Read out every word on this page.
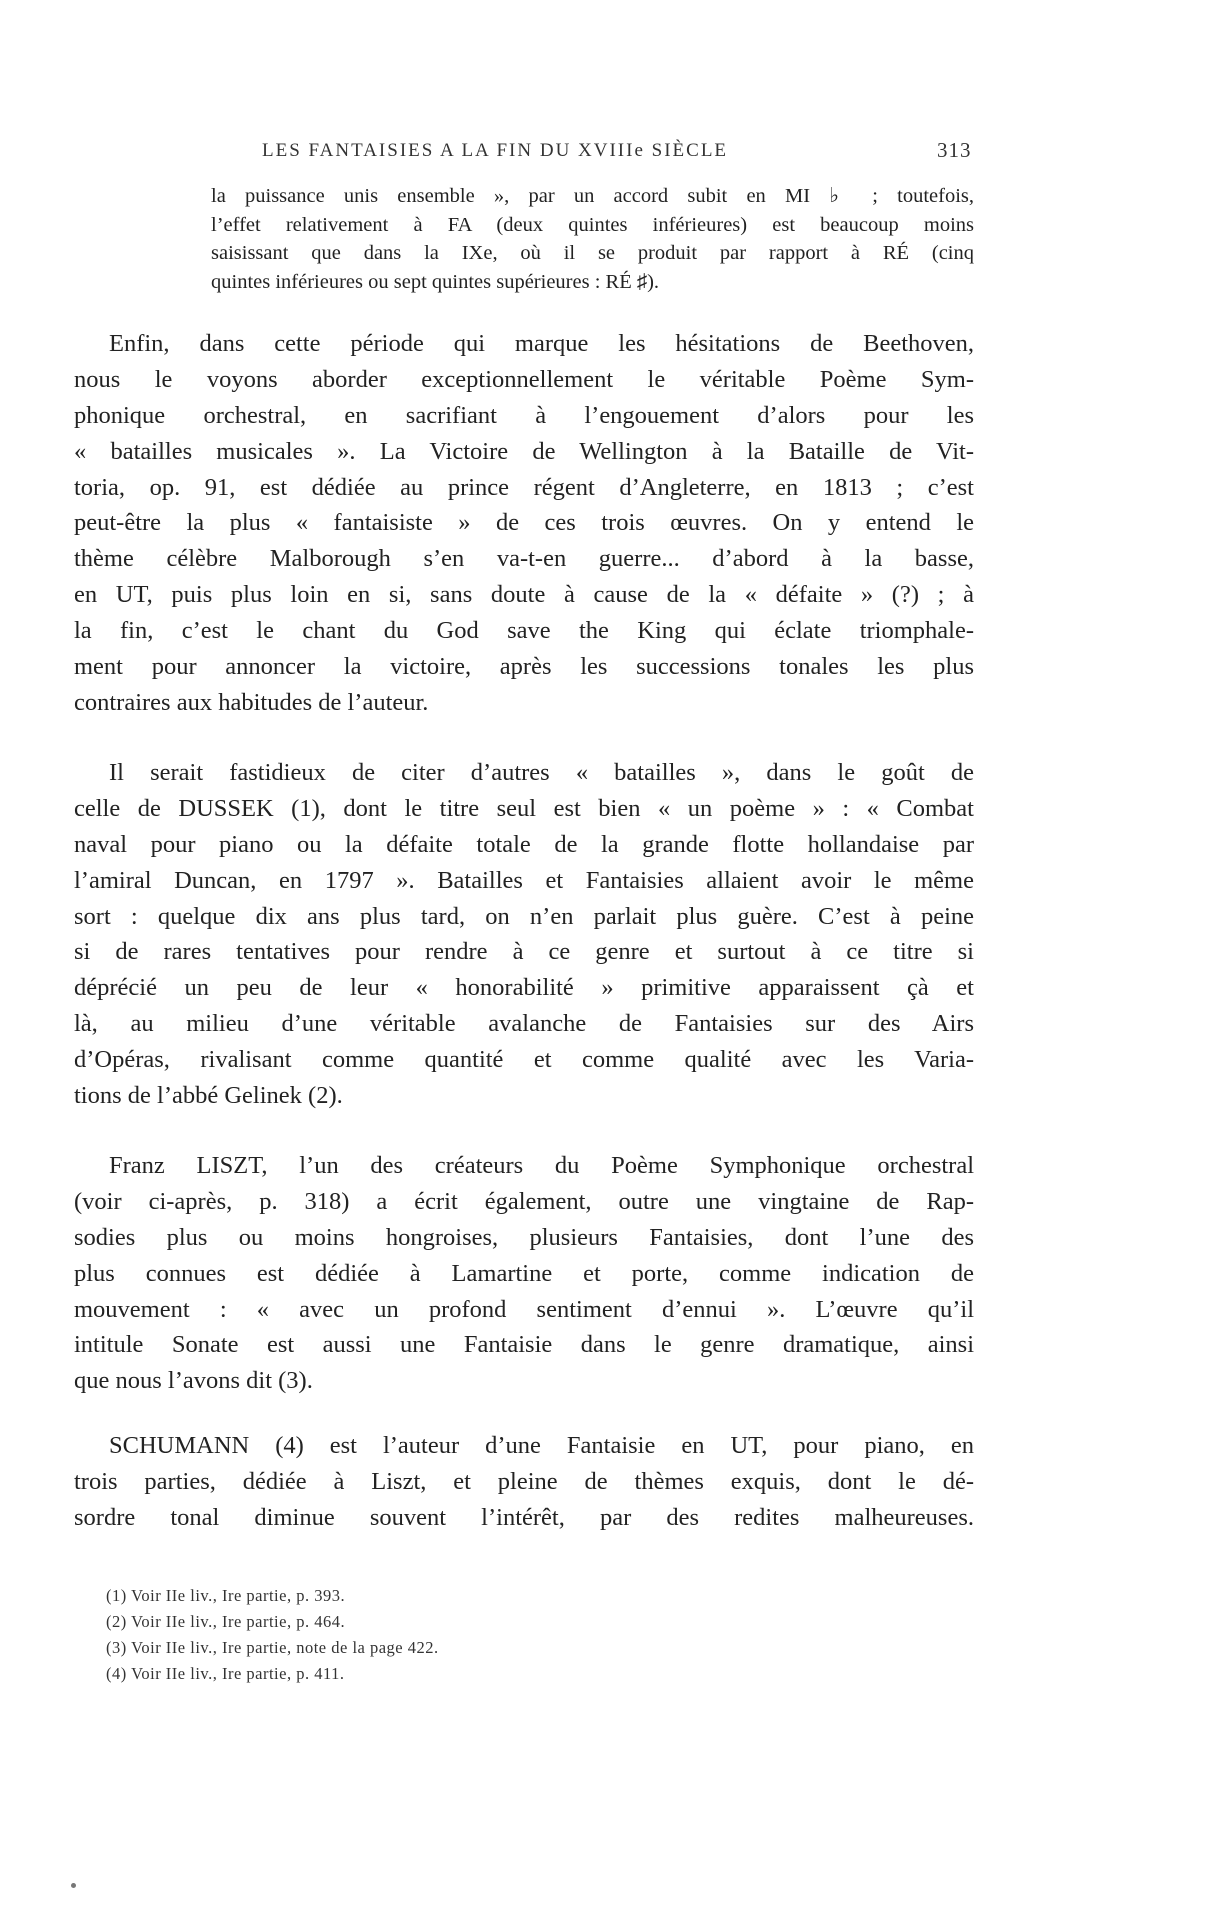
LES FANTAISIES A LA FIN DU XVIIIe SIÈCLE	313
la puissance unis ensemble », par un accord subit en MI ♭ ; toutefois,
l’effet relativement à FA (deux quintes inférieures) est beaucoup moins
saisissant que dans la IXe, où il se produit par rapport à RÉ (cinq
quintes inférieures ou sept quintes supérieures : RÉ ♯).
Enfin, dans cette période qui marque les hésitations de Beethoven,
nous le voyons aborder exceptionnellement le véritable Poème Sym-
phonique orchestral, en sacrifiant à l’engouement d’alors pour les
« batailles musicales ». La Victoire de Wellington à la Bataille de Vit-
toria, op. 91, est dédiée au prince régent d’Angleterre, en 1813 ; c’est
peut-être la plus « fantaisiste » de ces trois œuvres. On y entend le
thème célèbre Malborough s’en va-t-en guerre... d’abord à la basse,
en UT, puis plus loin en si, sans doute à cause de la « défaite » (?) ; à
la fin, c’est le chant du God save the King qui éclate triomphale-
ment pour annoncer la victoire, après les successions tonales les plus
contraires aux habitudes de l’auteur.
Il serait fastidieux de citer d’autres « batailles », dans le goût de
celle de DUSSEK (1), dont le titre seul est bien « un poème » : « Combat
naval pour piano ou la défaite totale de la grande flotte hollandaise par
l’amiral Duncan, en 1797 ». Batailles et Fantaisies allaient avoir le même
sort : quelque dix ans plus tard, on n’en parlait plus guère. C’est à peine
si de rares tentatives pour rendre à ce genre et surtout à ce titre si
déprécié un peu de leur « honorabilité » primitive apparaissent çà et
là, au milieu d’une véritable avalanche de Fantaisies sur des Airs
d’Opéras, rivalisant comme quantité et comme qualité avec les Varia-
tions de l’abbé Gelinek (2).
Franz LISZT, l’un des créateurs du Poème Symphonique orchestral
(voir ci-après, p. 318) a écrit également, outre une vingtaine de Rap-
sodies plus ou moins hongroises, plusieurs Fantaisies, dont l’une des
plus connues est dédiée à Lamartine et porte, comme indication de
mouvement : « avec un profond sentiment d’ennui ». L’œuvre qu’il
intitule Sonate est aussi une Fantaisie dans le genre dramatique, ainsi
que nous l’avons dit (3).
SCHUMANN (4) est l’auteur d’une Fantaisie en UT, pour piano, en
trois parties, dédiée à Liszt, et pleine de thèmes exquis, dont le dé-
sordre tonal diminue souvent l’intérêt, par des redites malheureuses.
(1) Voir IIe liv., Ire partie, p. 393.
(2) Voir IIe liv., Ire partie, p. 464.
(3) Voir IIe liv., Ire partie, note de la page 422.
(4) Voir IIe liv., Ire partie, p. 411.
